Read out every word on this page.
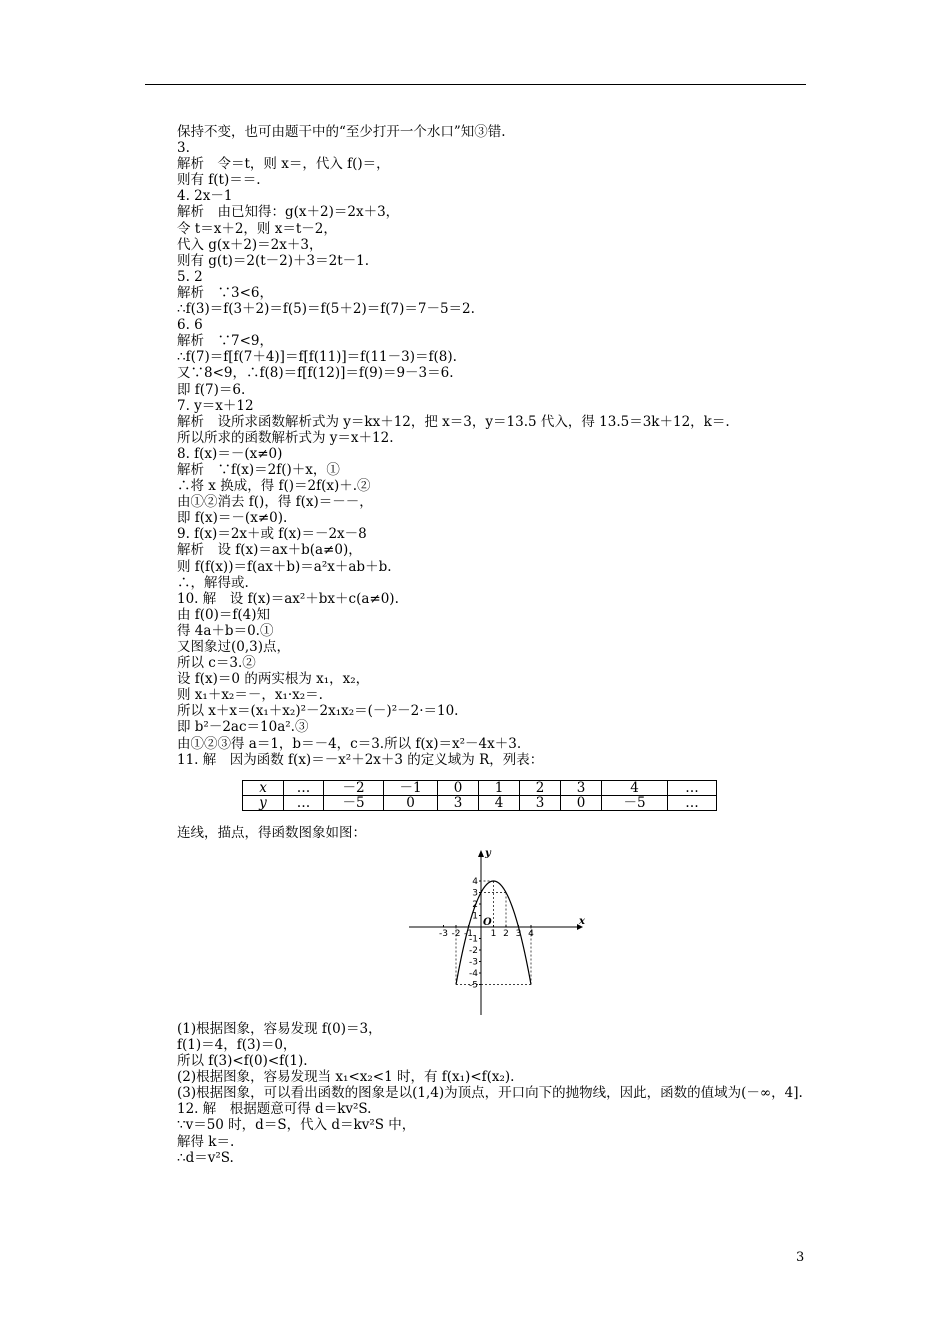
保持不变，也可由题干中的“至少打开一个水口”知③错.
3.
解析　令＝t，则 x＝，代入 f()＝，
则有 f(t)＝＝.
4. 2x－1
解析　由已知得：g(x＋2)＝2x＋3，
令 t＝x＋2，则 x＝t－2，
代入 g(x＋2)＝2x＋3，
则有 g(t)＝2(t－2)＋3＝2t－1.
5. 2
解析　∵3<6，
∴f(3)＝f(3＋2)＝f(5)＝f(5＋2)＝f(7)＝7－5＝2.
6. 6
解析　∵7<9，
∴f(7)＝f[f(7＋4)]＝f[f(11)]＝f(11－3)＝f(8).
又∵8<9，∴f(8)＝f[f(12)]＝f(9)＝9－3＝6.
即 f(7)＝6.
7. y＝x＋12
解析　设所求函数解析式为 y＝kx＋12，把 x＝3，y＝13.5 代入，得 13.5＝3k＋12，k＝.
所以所求的函数解析式为 y＝x＋12.
8. f(x)＝－(x≠0)
解析　∵f(x)＝2f()＋x，①
∴将 x 换成，得 f()＝2f(x)＋.②
由①②消去 f()，得 f(x)＝－－，
即 f(x)＝－(x≠0).
9. f(x)＝2x＋或 f(x)＝－2x－8
解析　设 f(x)＝ax＋b(a≠0)，
则 f(f(x))＝f(ax＋b)＝a²x＋ab＋b.
∴，解得或.
10. 解　设 f(x)＝ax²＋bx＋c(a≠0).
由 f(0)＝f(4)知
得 4a＋b＝0.①
又图象过(0,3)点，
所以 c＝3.②
设 f(x)＝0 的两实根为 x₁，x₂，
则 x₁＋x₂＝－，x₁·x₂＝.
所以 x＋x＝(x₁＋x₂)²－2x₁x₂＝(－)²－2·＝10.
即 b²－2ac＝10a².③
由①②③得 a＝1，b＝－4，c＝3.所以 f(x)＝x²－4x＋3.
11. 解　因为函数 f(x)＝－x²＋2x＋3 的定义域为 R，列表：
x	…	－2	－1	0	1	2	3	4	…
y	…	－5	0	3	4	3	0	－5	…
连线，描点，得函数图象如图：
x
y
O
-3 -2 -1 1 2 3 4
4
3
2
1
-1
-2
-3
-4
-5
(1)根据图象，容易发现 f(0)＝3，
f(1)＝4，f(3)＝0，
所以 f(3)<f(0)<f(1).
(2)根据图象，容易发现当 x₁<x₂<1 时，有 f(x₁)<f(x₂).
(3)根据图象，可以看出函数的图象是以(1,4)为顶点，开口向下的抛物线，因此，函数的值域为(－∞，4].
12. 解　根据题意可得 d＝kv²S.
∵v＝50 时，d＝S，代入 d＝kv²S 中，
解得 k＝.
∴d＝v²S.
3
